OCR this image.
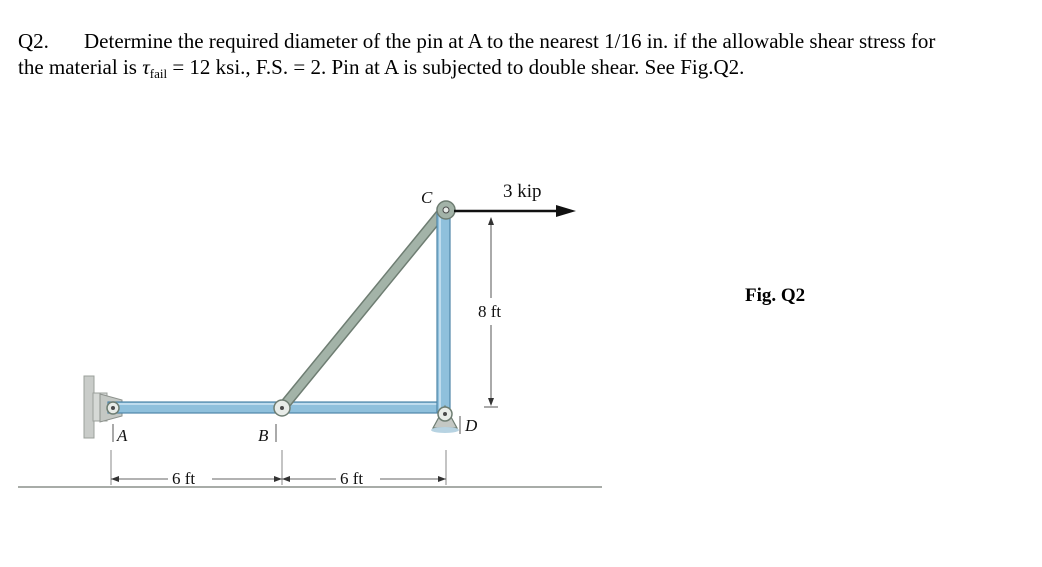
Q2. Determine the required diameter of the pin at A to the nearest 1/16 in. if the allowable shear stress for
the material is $\tau_{fail} = 12$ ksi., F.S. = 2. Pin at A is subjected to double shear. See Fig.Q2.
A	B
C
D
3 kip
8 ft
6 ft	6 ft
Fig. Q2
